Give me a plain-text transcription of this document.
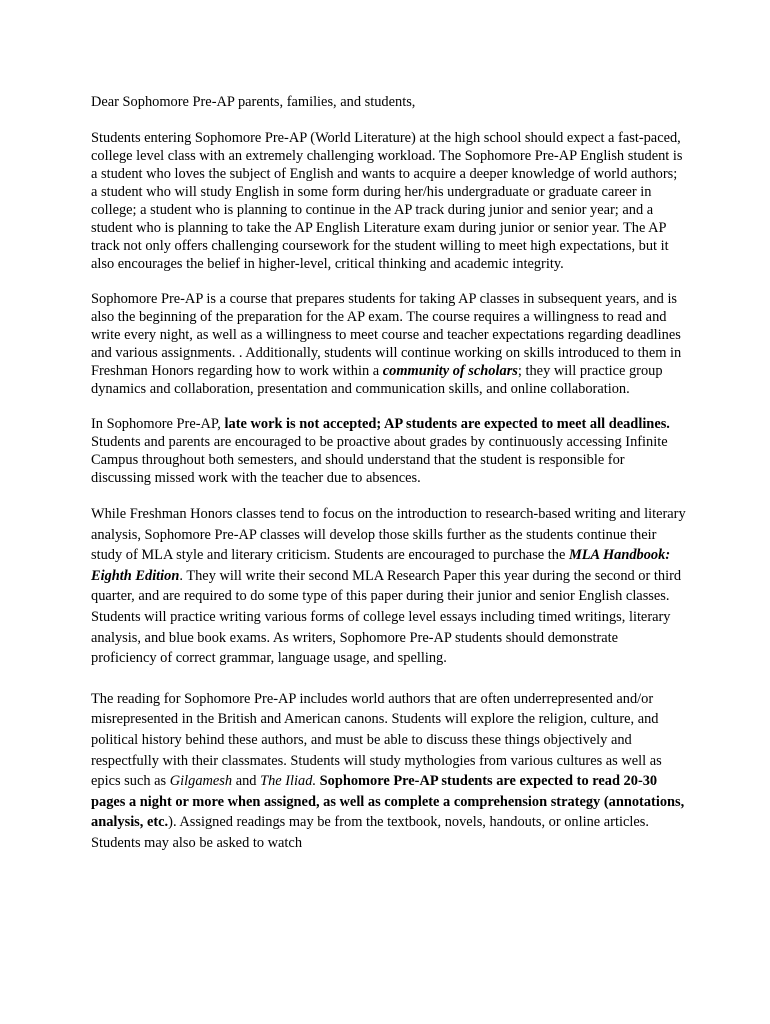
Dear Sophomore Pre-AP parents, families, and students,

Students entering Sophomore Pre-AP (World Literature) at the high school should expect a fast-paced, college level class with an extremely challenging workload. The Sophomore Pre-AP English student is a student who loves the subject of English and wants to acquire a deeper knowledge of world authors; a student who will study English in some form during her/his undergraduate or graduate career in college; a student who is planning to continue in the AP track during junior and senior year; and a student who is planning to take the AP English Literature exam during junior or senior year. The AP track not only offers challenging coursework for the student willing to meet high expectations, but it also encourages the belief in higher-level, critical thinking and academic integrity.

Sophomore Pre-AP is a course that prepares students for taking AP classes in subsequent years, and is also the beginning of the preparation for the AP exam. The course requires a willingness to read and write every night, as well as a willingness to meet course and teacher expectations regarding deadlines and various assignments. . Additionally, students will continue working on skills introduced to them in Freshman Honors regarding how to work within a community of scholars; they will practice group dynamics and collaboration, presentation and communication skills, and online collaboration.

In Sophomore Pre-AP, late work is not accepted; AP students are expected to meet all deadlines. Students and parents are encouraged to be proactive about grades by continuously accessing Infinite Campus throughout both semesters, and should understand that the student is responsible for discussing missed work with the teacher due to absences.

While Freshman Honors classes tend to focus on the introduction to research-based writing and literary analysis, Sophomore Pre-AP classes will develop those skills further as the students continue their study of MLA style and literary criticism. Students are encouraged to purchase the MLA Handbook: Eighth Edition. They will write their second MLA Research Paper this year during the second or third quarter, and are required to do some type of this paper during their junior and senior English classes. Students will practice writing various forms of college level essays including timed writings, literary analysis, and blue book exams. As writers, Sophomore Pre-AP students should demonstrate proficiency of correct grammar, language usage, and spelling.

The reading for Sophomore Pre-AP includes world authors that are often underrepresented and/or misrepresented in the British and American canons. Students will explore the religion, culture, and political history behind these authors, and must be able to discuss these things objectively and respectfully with their classmates. Students will study mythologies from various cultures as well as epics such as Gilgamesh and The Iliad. Sophomore Pre-AP students are expected to read 20-30 pages a night or more when assigned, as well as complete a comprehension strategy (annotations, analysis, etc.). Assigned readings may be from the textbook, novels, handouts, or online articles. Students may also be asked to watch
